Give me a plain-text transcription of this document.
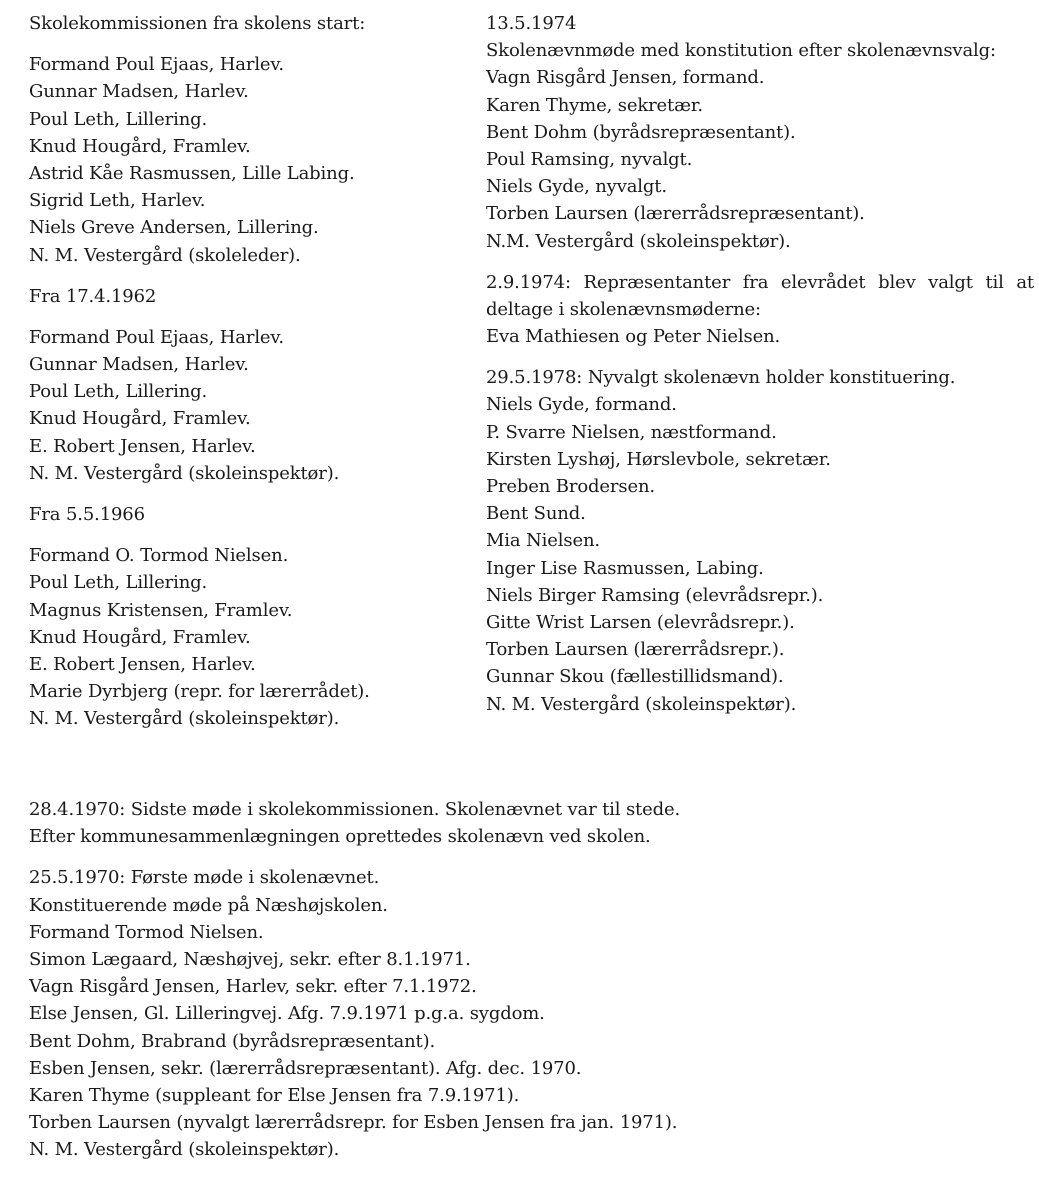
Skolekommissionen fra skolens start:
Formand Poul Ejaas, Harlev.
Gunnar Madsen, Harlev.
Poul Leth, Lillering.
Knud Hougård, Framlev.
Astrid Kåe Rasmussen, Lille Labing.
Sigrid Leth, Harlev.
Niels Greve Andersen, Lillering.
N. M. Vestergård (skoleleder).
Fra 17.4.1962
Formand Poul Ejaas, Harlev.
Gunnar Madsen, Harlev.
Poul Leth, Lillering.
Knud Hougård, Framlev.
E. Robert Jensen, Harlev.
N. M. Vestergård (skoleinspektør).
Fra 5.5.1966
Formand O. Tormod Nielsen.
Poul Leth, Lillering.
Magnus Kristensen, Framlev.
Knud Hougård, Framlev.
E. Robert Jensen, Harlev.
Marie Dyrbjerg (repr. for lærerrådet).
N. M. Vestergård (skoleinspektør).
13.5.1974
Skolenævnmøde med konstitution efter skolenævnsvalg:
Vagn Risgård Jensen, formand.
Karen Thyme, sekretær.
Bent Dohm (byrådsrepræsentant).
Poul Ramsing, nyvalgt.
Niels Gyde, nyvalgt.
Torben Laursen (lærerrådsrepræsentant).
N.M. Vestergård (skoleinspektør).
2.9.1974: Repræsentanter fra elevrådet blev valgt til at
deltage i skolenævnsmøderne:
Eva Mathiesen og Peter Nielsen.
29.5.1978: Nyvalgt skolenævn holder konstituering.
Niels Gyde, formand.
P. Svarre Nielsen, næstformand.
Kirsten Lyshøj, Hørslevbole, sekretær.
Preben Brodersen.
Bent Sund.
Mia Nielsen.
Inger Lise Rasmussen, Labing.
Niels Birger Ramsing (elevrådsrepr.).
Gitte Wrist Larsen (elevrådsrepr.).
Torben Laursen (lærerrådsrepr.).
Gunnar Skou (fællestillidsmand).
N. M. Vestergård (skoleinspektør).
28.4.1970: Sidste møde i skolekommissionen. Skolenævnet var til stede.
Efter kommunesammenlægningen oprettedes skolenævn ved skolen.
25.5.1970: Første møde i skolenævnet.
Konstituerende møde på Næshøjskolen.
Formand Tormod Nielsen.
Simon Lægaard, Næshøjvej, sekr. efter 8.1.1971.
Vagn Risgård Jensen, Harlev, sekr. efter 7.1.1972.
Else Jensen, Gl. Lilleringvej. Afg. 7.9.1971 p.g.a. sygdom.
Bent Dohm, Brabrand (byrådsrepræsentant).
Esben Jensen, sekr. (lærerrådsrepræsentant). Afg. dec. 1970.
Karen Thyme (suppleant for Else Jensen fra 7.9.1971).
Torben Laursen (nyvalgt lærerrådsrepr. for Esben Jensen fra jan. 1971).
N. M. Vestergård (skoleinspektør).
